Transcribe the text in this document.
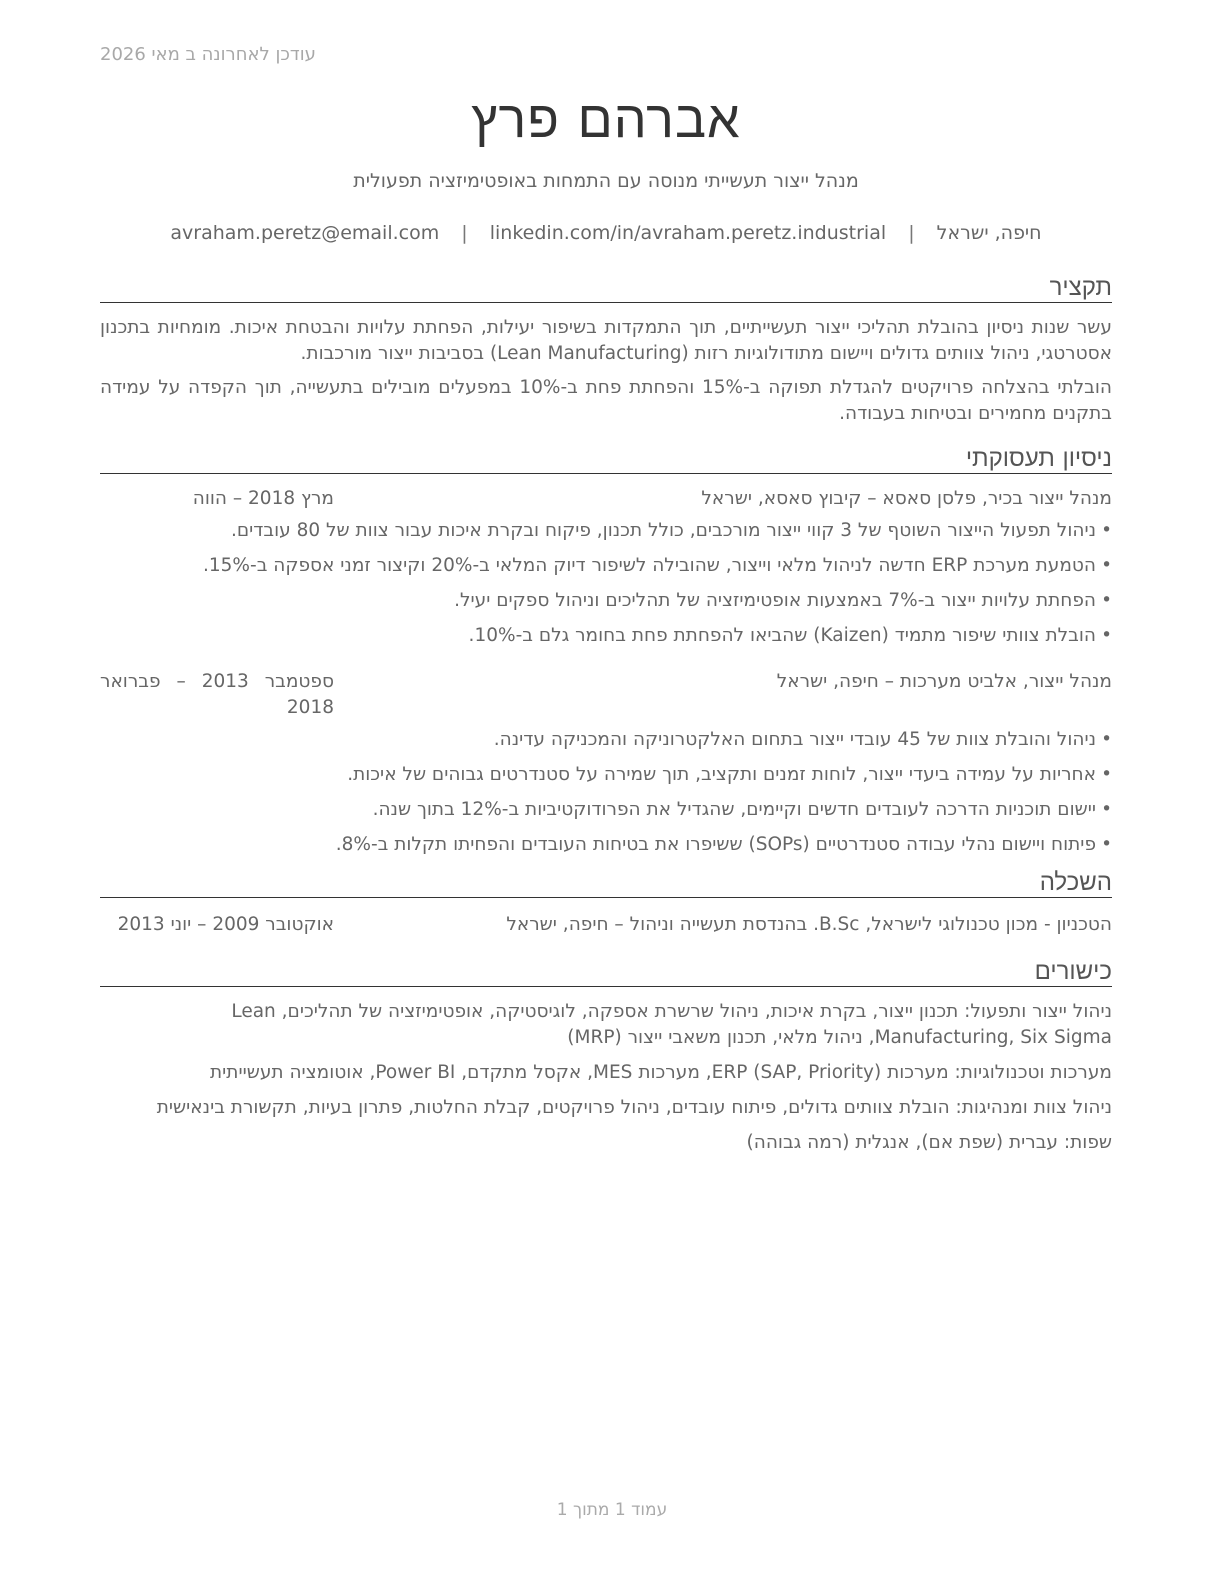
עודכן לאחרונה ב מאי 2026
אברהם פרץ
מנהל ייצור תעשייתי מנוסה עם התמחות באופטימיזציה תפעולית
חיפה, ישראל | avraham.peretz@email.com | linkedin.com/in/avraham.peretz.industrial
תקציר

עשר שנות ניסיון בהובלת תהליכי ייצור תעשייתיים, תוך התמקדות בשיפור יעילות, הפחתת עלויות והבטחת איכות. מומחיות בתכנון אסטרטגי, ניהול צוותים גדולים ויישום מתודולוגיות רזות (Lean Manufacturing) בסביבות ייצור מורכבות.

הובלתי בהצלחה פרויקטים להגדלת תפוקה ב-15% והפחתת פחת ב-10% במפעלים מובילים בתעשייה, תוך הקפדה על עמידה בתקנים מחמירים ובטיחות בעבודה.

ניסיון תעסוקתי
מנהל ייצור בכיר, פלסן סאסא – קיבוץ סאסא, ישראל
מרץ 2018 – הווה
• ניהול תפעול הייצור השוטף של 3 קווי ייצור מורכבים, כולל תכנון, פיקוח ובקרת איכות עבור צוות של 80 עובדים.
• הטמעת מערכת ERP חדשה לניהול מלאי וייצור, שהובילה לשיפור דיוק המלאי ב-20% וקיצור זמני אספקה ב-15%.
• הפחתת עלויות ייצור ב-7% באמצעות אופטימיזציה של תהליכים וניהול ספקים יעיל.
• הובלת צוותי שיפור מתמיד (Kaizen) שהביאו להפחתת פחת בחומר גלם ב-10%.
מנהל ייצור, אלביט מערכות – חיפה, ישראל
ספטמבר 2013 – פברואר 2018
• ניהול והובלת צוות של 45 עובדי ייצור בתחום האלקטרוניקה והמכניקה עדינה.
• אחריות על עמידה ביעדי ייצור, לוחות זמנים ותקציב, תוך שמירה על סטנדרטים גבוהים של איכות.
• יישום תוכניות הדרכה לעובדים חדשים וקיימים, שהגדיל את הפרודוקטיביות ב-12% בתוך שנה.
• פיתוח ויישום נהלי עבודה סטנדרטיים (SOPs) ששיפרו את בטיחות העובדים והפחיתו תקלות ב-8%.
השכלה
הטכניון - מכון טכנולוגי לישראל, B.Sc. בהנדסת תעשייה וניהול – חיפה, ישראל
אוקטובר 2009 – יוני 2013
כישורים

ניהול ייצור ותפעול: תכנון ייצור, בקרת איכות, ניהול שרשרת אספקה, לוגיסטיקה, אופטימיזציה של תהליכים, Lean Manufacturing, Six Sigma, ניהול מלאי, תכנון משאבי ייצור (MRP)

מערכות וטכנולוגיות: מערכות ERP (SAP, Priority), מערכות MES, אקסל מתקדם, Power BI, אוטומציה תעשייתית

ניהול צוות ומנהיגות: הובלת צוותים גדולים, פיתוח עובדים, ניהול פרויקטים, קבלת החלטות, פתרון בעיות, תקשורת בינאישית

שפות: עברית (שפת אם), אנגלית (רמה גבוהה)

עמוד 1 מתוך 1
